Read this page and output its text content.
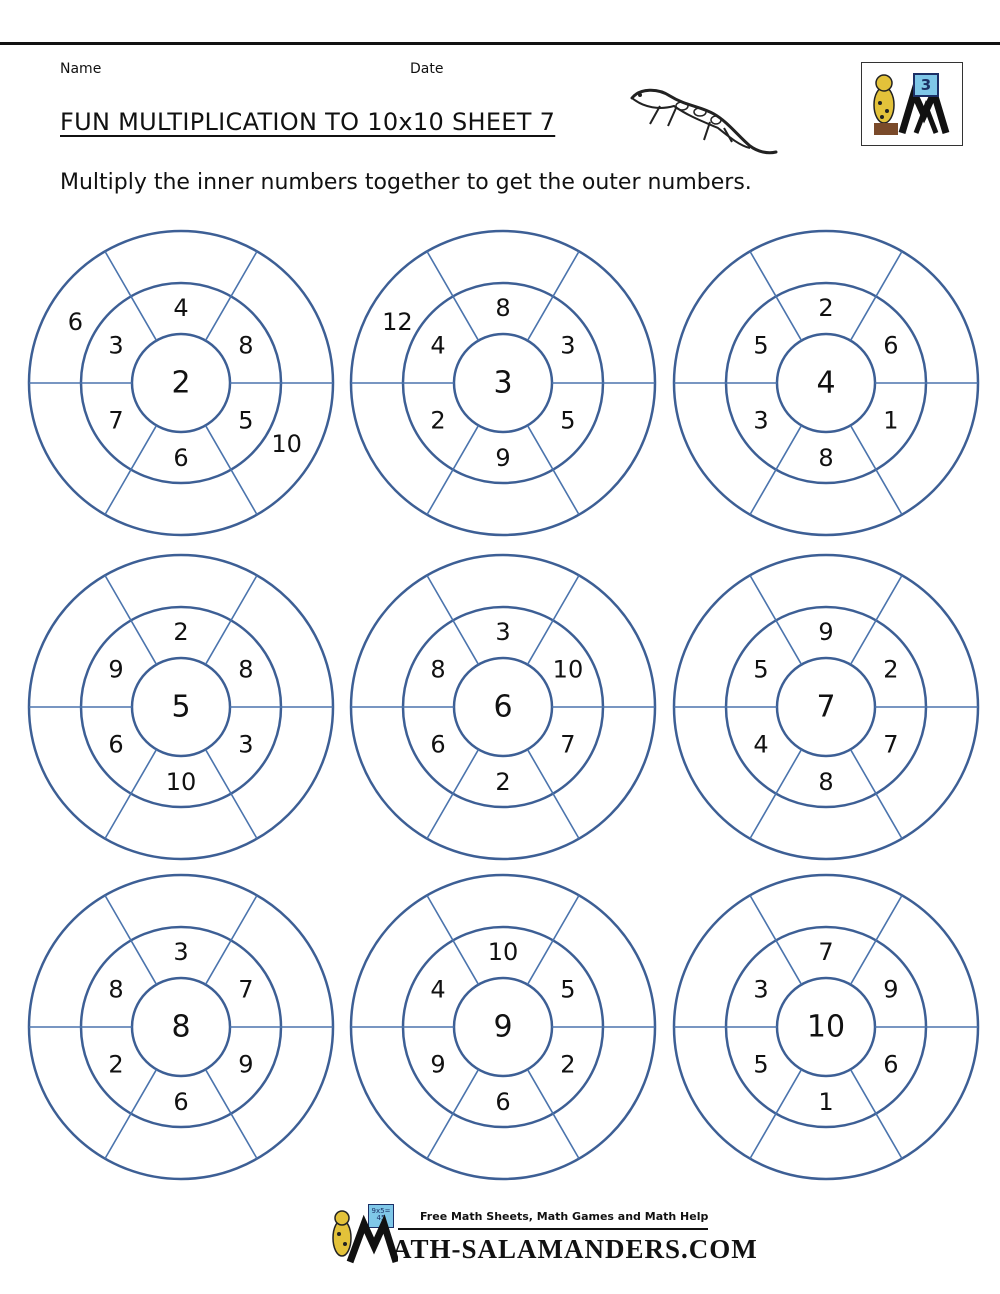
Name	Date
FUN MULTIPLICATION TO 10x10 SHEET 7
3
Multiply the inner numbers together to get the outer numbers.
2
4
8
5
6
7
3
10
6
3
8
3
5
9
2
4
12
4
2
6
1
8
3
5
5
2
8
3
10
6
9
6
3
10
7
2
6
8
7
9
2
7
8
4
5
8
3
7
9
6
2
8
9
10
5
2
6
9
4
10
7
9
6
1
5
3
9x5=
45	Free Math Sheets, Math Games and Math Help
ATH-SALAMANDERS.COM
